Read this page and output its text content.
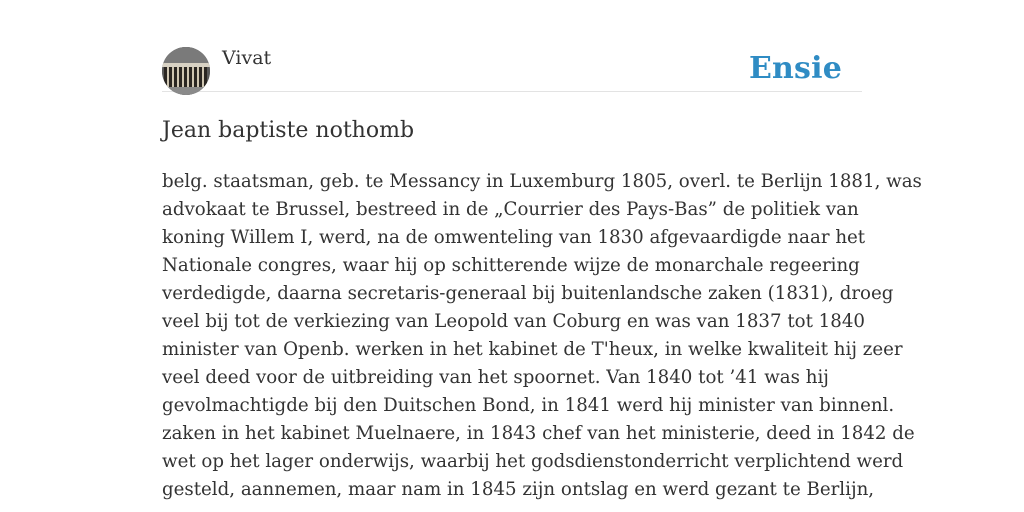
Vivat	Ensie
Jean baptiste nothomb

belg. staatsman, geb. te Messancy in Luxemburg 1805, overl. te Berlijn 1881, was
advokaat te Brussel, bestreed in de „Courrier des Pays-Bas” de politiek van
koning Willem I, werd, na de omwenteling van 1830 afgevaardigde naar het
Nationale congres, waar hij op schitterende wijze de monarchale regeering
verdedigde, daarna secretaris-generaal bij buitenlandsche zaken (1831), droeg
veel bij tot de verkiezing van Leopold van Coburg en was van 1837 tot 1840
minister van Openb. werken in het kabinet de T'heux, in welke kwaliteit hij zeer
veel deed voor de uitbreiding van het spoornet. Van 1840 tot ’41 was hij
gevolmachtigde bij den Duitschen Bond, in 1841 werd hij minister van binnenl.
zaken in het kabinet Muelnaere, in 1843 chef van het ministerie, deed in 1842 de
wet op het lager onderwijs, waarbij het godsdienstonderricht verplichtend werd
gesteld, aannemen, maar nam in 1845 zijn ontslag en werd gezant te Berlijn,
